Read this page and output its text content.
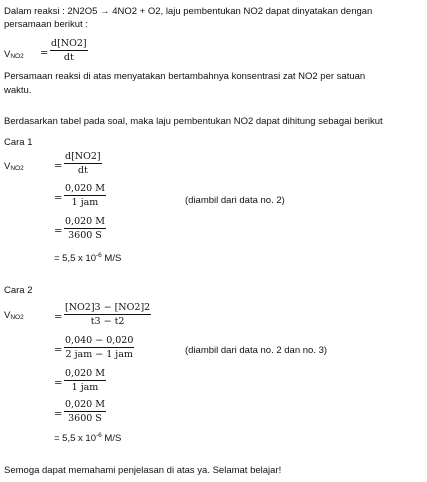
Dalam reaksi : 2N2O5 → 4NO2 + O2, laju pembentukan NO2 dapat dinyatakan dengan
persamaan berikut :
$V_{NO2}$ =
d[NO2]
dt
Persamaan reaksi di atas menyatakan bertambahnya konsentrasi zat NO2 per satuan
waktu.
Berdasarkan tabel pada soal, maka laju pembentukan NO2 dapat dihitung sebagai berikut
Cara 1
$V_{NO2}$	=
d[NO2]
dt
=
0,020 M
1 jam	(diambil dari data no. 2)
=
0,020 M
3600 S
= 5,5 x $10^{-6}$ M/S
Cara 2
$V_{NO2}$	=
[NO2]3 − [NO2]2
t3 − t2
=
0,040 − 0,020
2 jam − 1 jam	(diambil dari data no. 2 dan no. 3)
=
0,020 M
1 jam
=
0,020 M
3600 S
= 5,5 x $10^{-6}$ M/S
Semoga dapat memahami penjelasan di atas ya. Selamat belajar!
